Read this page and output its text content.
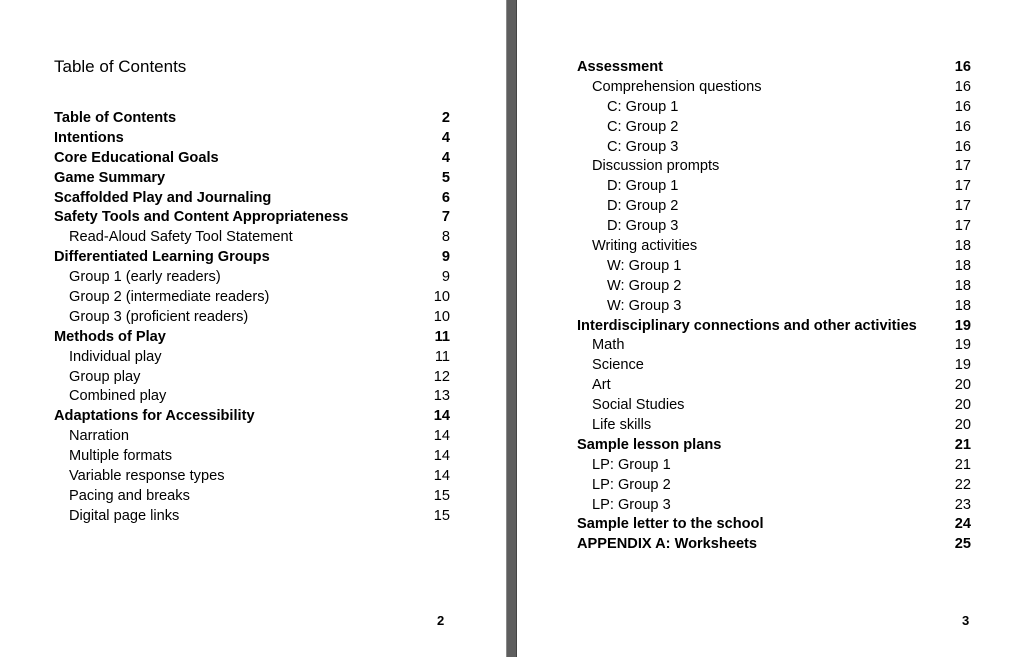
Table of Contents
Table of Contents	2
Intentions	4
Core Educational Goals	4
Game Summary	5
Scaffolded Play and Journaling	6
Safety Tools and Content Appropriateness	7
Read-Aloud Safety Tool Statement	8
Differentiated Learning Groups	9
Group 1 (early readers)	9
Group 2 (intermediate readers)	10
Group 3 (proficient readers)	10
Methods of Play	11
Individual play	11
Group play	12
Combined play	13
Adaptations for Accessibility	14
Narration	14
Multiple formats	14
Variable response types	14
Pacing and breaks	15
Digital page links	15
2
Assessment	16
Comprehension questions	16
C: Group 1	16
C: Group 2	16
C: Group 3	16
Discussion prompts	17
D: Group 1	17
D: Group 2	17
D: Group 3	17
Writing activities	18
W: Group 1	18
W: Group 2	18
W: Group 3	18
Interdisciplinary connections and other activities	19
Math	19
Science	19
Art	20
Social Studies	20
Life skills	20
Sample lesson plans	21
LP: Group 1	21
LP: Group 2	22
LP: Group 3	23
Sample letter to the school	24
APPENDIX A: Worksheets	25
3
